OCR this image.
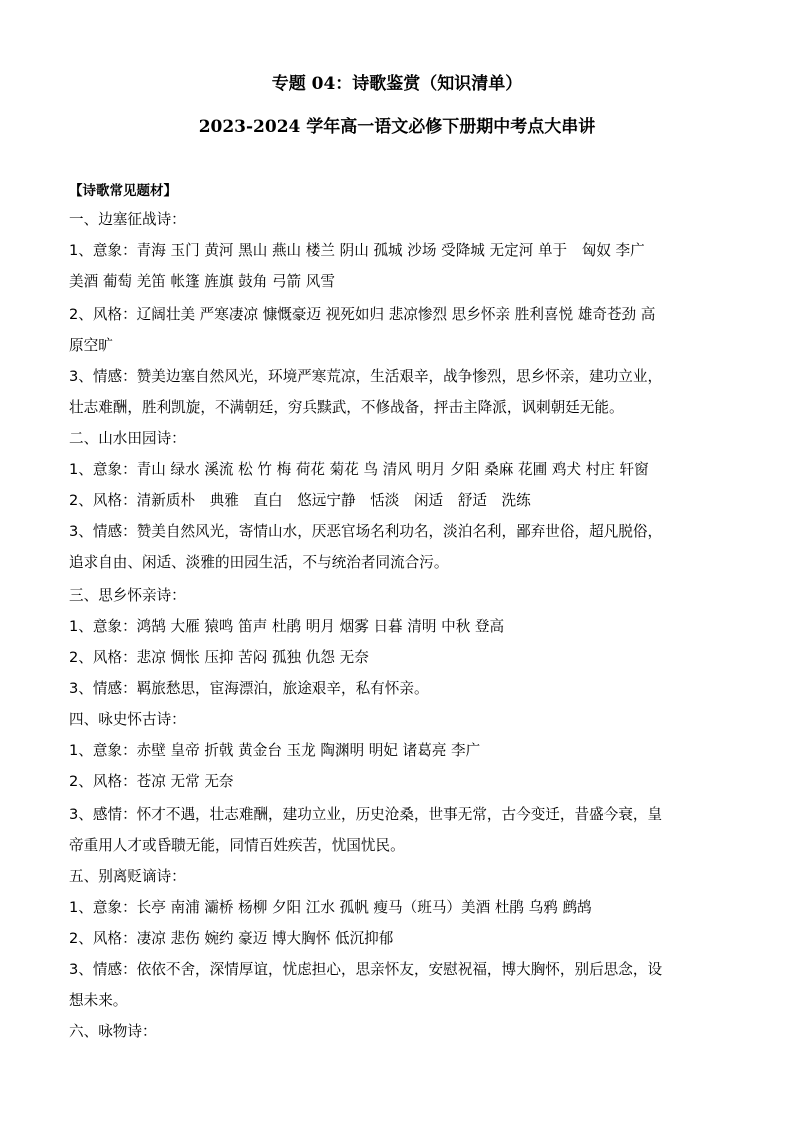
专题 04：诗歌鉴赏（知识清单）
2023-2024 学年高一语文必修下册期中考点大串讲
【诗歌常见题材】
一、边塞征战诗：
1、意象：青海 玉门 黄河 黑山 燕山 楼兰 阴山 孤城 沙场 受降城 无定河 单于　匈奴 李广
美酒 葡萄 羌笛 帐篷 旌旗 鼓角 弓箭 风雪
2、风格：辽阔壮美 严寒凄凉 慷慨豪迈 视死如归 悲凉惨烈 思乡怀亲 胜利喜悦 雄奇苍劲 高
原空旷
3、情感：赞美边塞自然风光，环境严寒荒凉，生活艰辛，战争惨烈，思乡怀亲，建功立业，
壮志难酬，胜利凯旋，不满朝廷，穷兵黩武，不修战备，抨击主降派，讽刺朝廷无能。
二、山水田园诗：
1、意象：青山 绿水 溪流 松 竹 梅 荷花 菊花 鸟 清风 明月 夕阳 桑麻 花圃 鸡犬 村庄 轩窗
2、风格：清新质朴　典雅　直白　悠远宁静　恬淡　闲适　舒适　洗练
3、情感：赞美自然风光，寄情山水，厌恶官场名利功名，淡泊名利，鄙弃世俗，超凡脱俗，
追求自由、闲适、淡雅的田园生活，不与统治者同流合污。
三、思乡怀亲诗：
1、意象：鸿鹄 大雁 猿鸣 笛声 杜鹃 明月 烟雾 日暮 清明 中秋 登高
2、风格：悲凉 惆怅 压抑 苦闷 孤独 仇怨 无奈
3、情感：羁旅愁思，宦海漂泊，旅途艰辛，私有怀亲。
四、咏史怀古诗：
1、意象：赤壁 皇帝 折戟 黄金台 玉龙 陶渊明 明妃 诸葛亮 李广
2、风格：苍凉 无常 无奈
3、感情：怀才不遇，壮志难酬，建功立业，历史沧桑，世事无常，古今变迁，昔盛今衰，皇
帝重用人才或昏聩无能，同情百姓疾苦，忧国忧民。
五、别离贬谪诗：
1、意象：长亭 南浦 灞桥 杨柳 夕阳 江水 孤帆 瘦马（班马）美酒 杜鹃 乌鸦 鹧鸪
2、风格：凄凉 悲伤 婉约 豪迈 博大胸怀 低沉抑郁
3、情感：依依不舍，深情厚谊，忧虑担心，思亲怀友，安慰祝福，博大胸怀，别后思念，设
想未来。
六、咏物诗：
